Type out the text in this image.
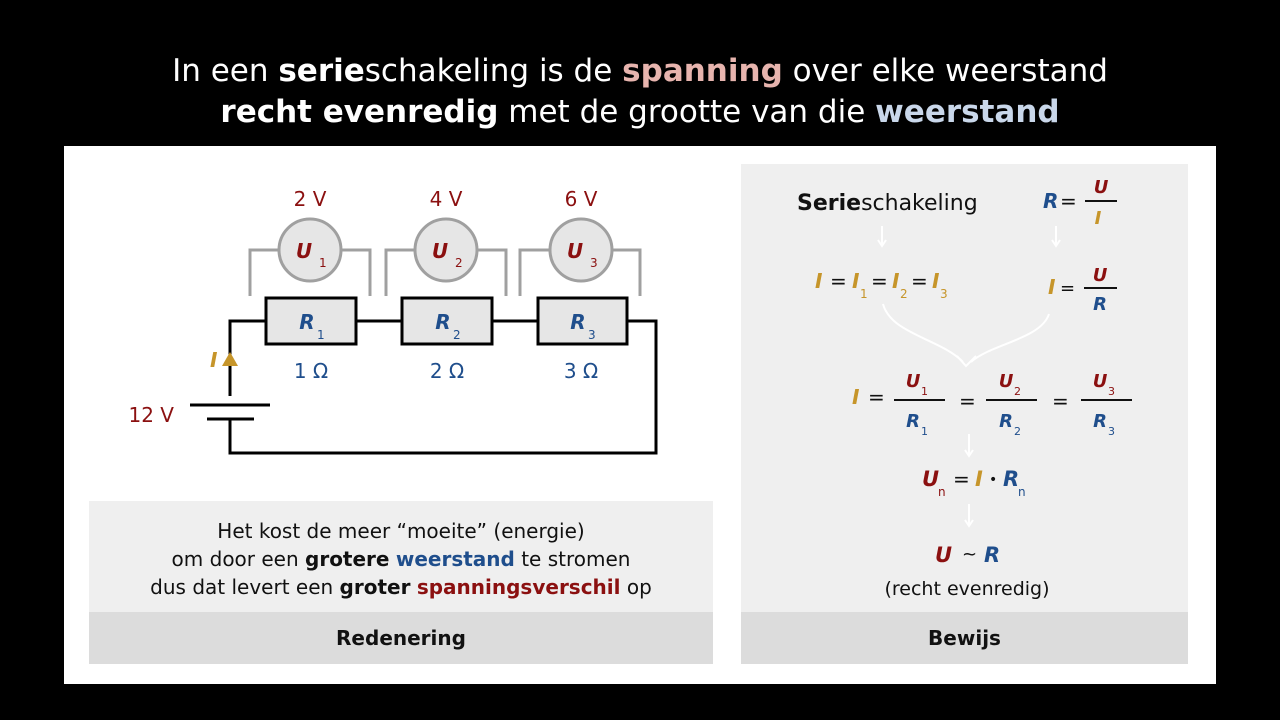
In een serieschakeling is de spanning over elke weerstand
recht evenredig met de grootte van die weerstand
I
12 V
U 1
2 V
U 2
4 V
U 3
6 V
R
1
1 Ω
R
2
2 Ω
R
3
3 Ω
Het kost de meer “moeite” (energie)
om door een grotere weerstand te stromen
dus dat levert een groter spanningsverschil op
Redenering
Serieschakeling	R =
U
I
I = I
1
= I
2
= I
3	I =
U
R
I =
U 1
R 1
=
U 2
R 2
=
U 3
R 3
U
n
= I • R
n
U ~ R
(recht evenredig)
Bewijs
